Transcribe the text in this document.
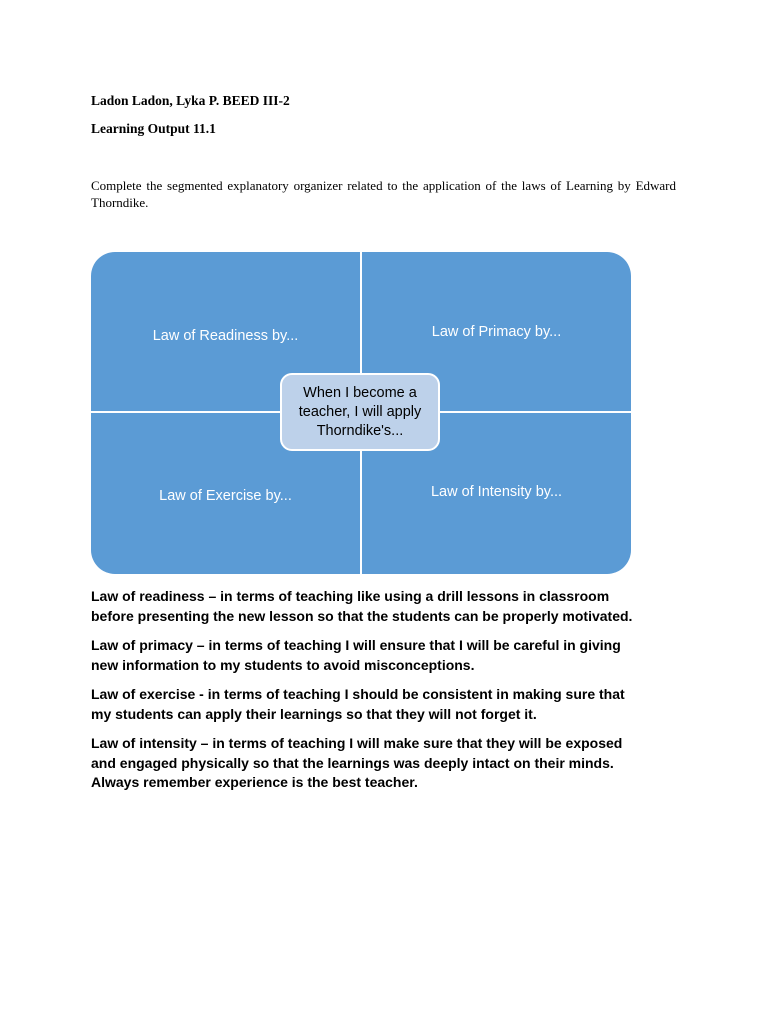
Ladon Ladon, Lyka P. BEED III-2
Learning Output 11.1
Complete the segmented explanatory organizer related to the application of the laws of Learning by Edward Thorndike.
Law of Readiness by...	Law of Primacy by...
Law of Exercise by...	Law of Intensity by...
When I become a
teacher, I will apply
Thorndike's...
Law of readiness – in terms of teaching like using a drill lessons in classroom
before presenting the new lesson so that the students can be properly motivated.
Law of primacy – in terms of teaching I will ensure that I will be careful in giving
new information to my students to avoid misconceptions.
Law of exercise - in terms of teaching I should be consistent in making sure that
my students can apply their learnings so that they will not forget it.
Law of intensity – in terms of teaching I will make sure that they will be exposed
and engaged physically so that the learnings was deeply intact on their minds.
Always remember experience is the best teacher.
